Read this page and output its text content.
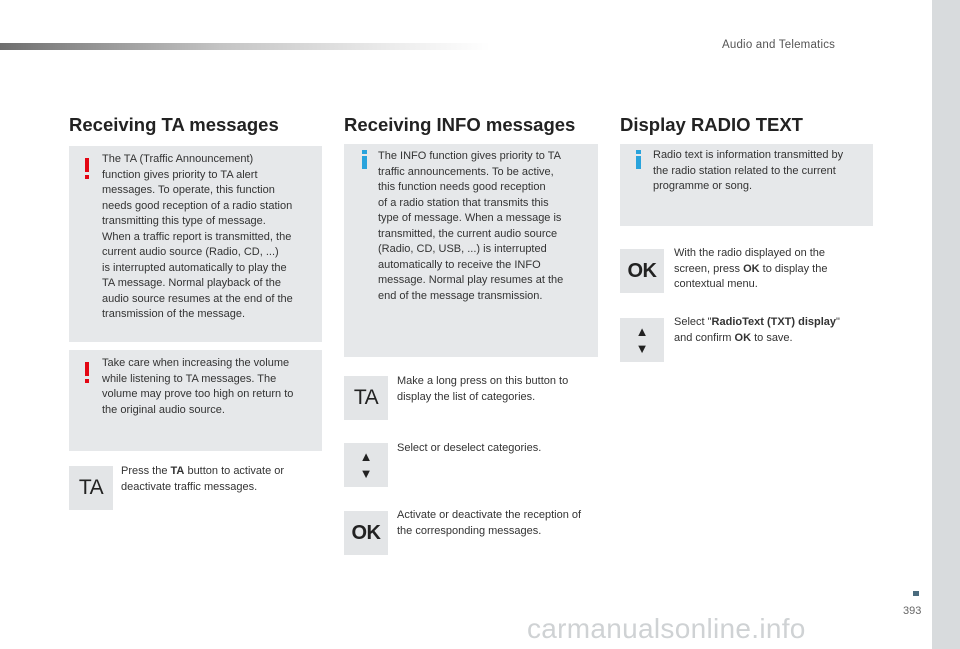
Audio and Telematics
Receiving TA messages

The TA (Traffic Announcement)
function gives priority to TA alert
messages. To operate, this function
needs good reception of a radio station
transmitting this type of message.
When a traffic report is transmitted, the
current audio source (Radio, CD, ...)
is interrupted automatically to play the
TA message. Normal playback of the
audio source resumes at the end of the
transmission of the message.

Take care when increasing the volume
while listening to TA messages. The
volume may prove too high on return to
the original audio source.

TA

Press the TA button to activate or
deactivate traffic messages.

Receiving INFO messages

The INFO function gives priority to TA
traffic announcements. To be active,
this function needs good reception
of a radio station that transmits this
type of message. When a message is
transmitted, the current audio source
(Radio, CD, USB, ...) is interrupted
automatically to receive the INFO
message. Normal play resumes at the
end of the message transmission.

TA

Make a long press on this button to
display the list of categories.

▲
▼

Select or deselect categories.

OK

Activate or deactivate the reception of
the corresponding messages.

Display RADIO TEXT

Radio text is information transmitted by
the radio station related to the current
programme or song.

OK

With the radio displayed on the
screen, press OK to display the
contextual menu.

▲
▼

Select "RadioText (TXT) display"
and confirm OK to save.

393
carmanualsonline.info
